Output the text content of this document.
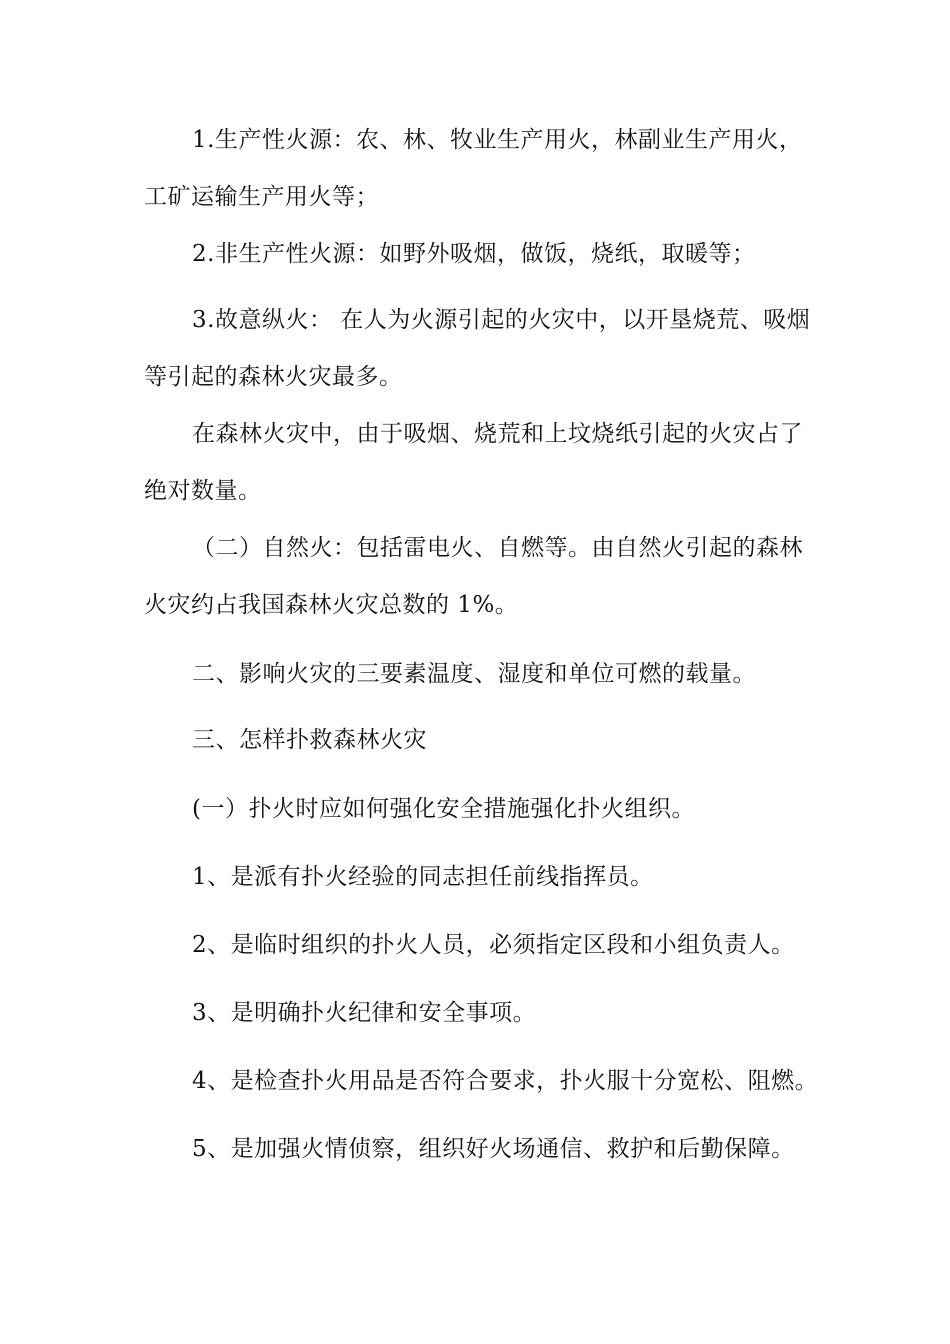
1.生产性火源：农、林、牧业生产用火，林副业生产用火，工矿运输生产用火等；

2.非生产性火源：如野外吸烟，做饭，烧纸，取暖等；

3.故意纵火： 在人为火源引起的火灾中，以开垦烧荒、吸烟等引起的森林火灾最多。

在森林火灾中，由于吸烟、烧荒和上坟烧纸引起的火灾占了绝对数量。

（二）自然火：包括雷电火、自燃等。由自然火引起的森林火灾约占我国森林火灾总数的 1%。

二、影响火灾的三要素温度、湿度和单位可燃的载量。

三、怎样扑救森林火灾

(一）扑火时应如何强化安全措施强化扑火组织。

1、是派有扑火经验的同志担任前线指挥员。

2、是临时组织的扑火人员，必须指定区段和小组负责人。

3、是明确扑火纪律和安全事项。

4、是检查扑火用品是否符合要求，扑火服十分宽松、阻燃。

5、是加强火情侦察，组织好火场通信、救护和后勤保障。
